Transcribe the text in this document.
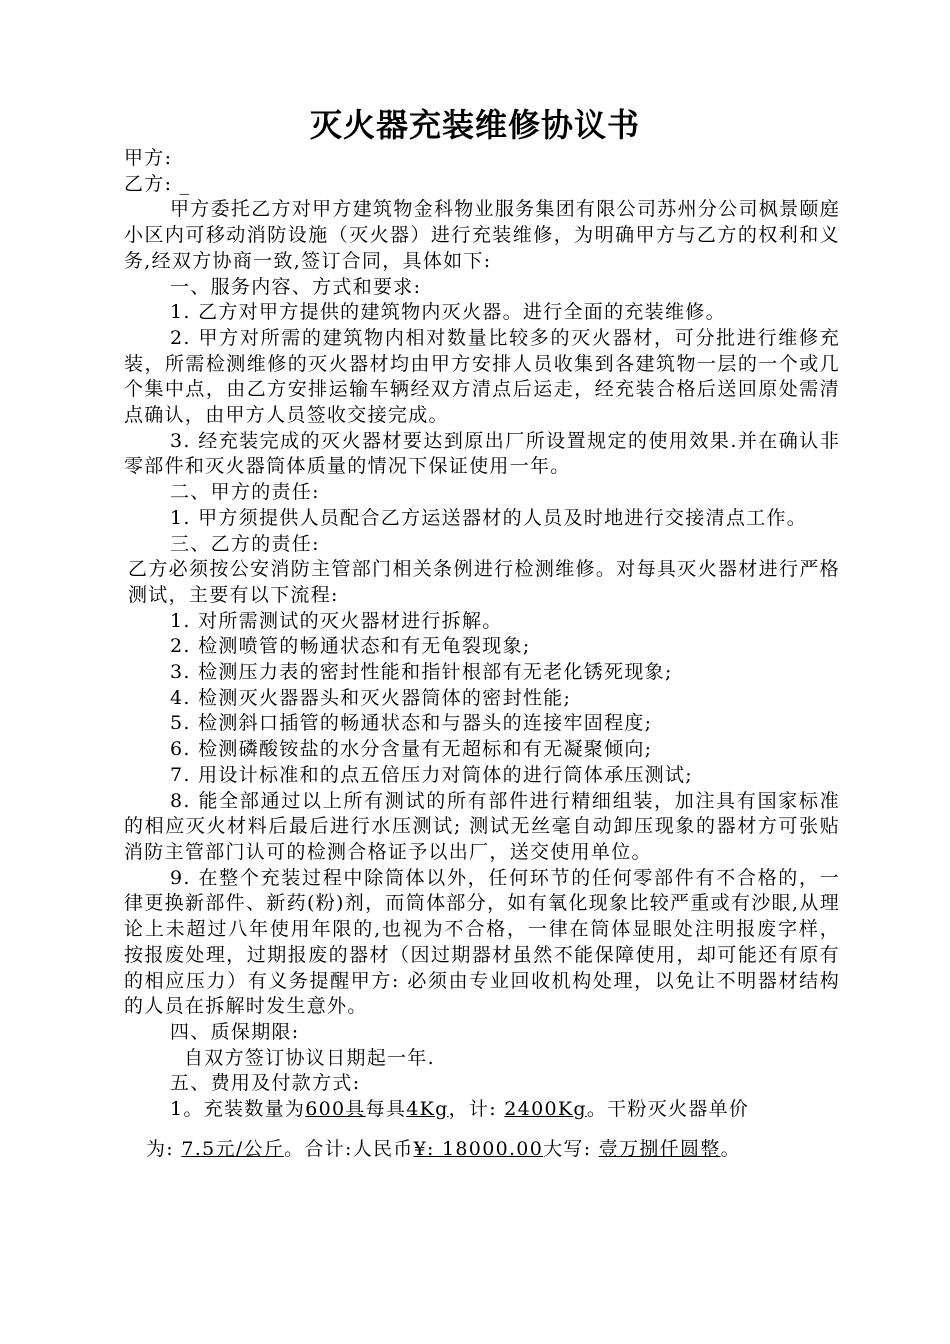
灭火器充装维修协议书

甲方:

乙方: _

甲方委托乙方对甲方建筑物金科物业服务集团有限公司苏州分公司枫景颐庭小区内可移动消防设施（灭火器）进行充装维修，为明确甲方与乙方的权利和义务,经双方协商一致,签订合同，具体如下:

一、服务内容、方式和要求:

1. 乙方对甲方提供的建筑物内灭火器。进行全面的充装维修。

2. 甲方对所需的建筑物内相对数量比较多的灭火器材，可分批进行维修充装，所需检测维修的灭火器材均由甲方安排人员收集到各建筑物一层的一个或几个集中点，由乙方安排运输车辆经双方清点后运走，经充装合格后送回原处需清点确认，由甲方人员签收交接完成。

3. 经充装完成的灭火器材要达到原出厂所设置规定的使用效果.并在确认非零部件和灭火器筒体质量的情况下保证使用一年。

二、甲方的责任:

1. 甲方须提供人员配合乙方运送器材的人员及时地进行交接清点工作。

三、乙方的责任:

乙方必须按公安消防主管部门相关条例进行检测维修。对每具灭火器材进行严格测试，主要有以下流程:

1. 对所需测试的灭火器材进行拆解。

2. 检测喷管的畅通状态和有无龟裂现象;

3. 检测压力表的密封性能和指针根部有无老化锈死现象;

4. 检测灭火器器头和灭火器筒体的密封性能;

5. 检测斜口插管的畅通状态和与器头的连接牢固程度;

6. 检测磷酸铵盐的水分含量有无超标和有无凝聚倾向;

7. 用设计标准和的点五倍压力对筒体的进行筒体承压测试;

8. 能全部通过以上所有测试的所有部件进行精细组装，加注具有国家标准的相应灭火材料后最后进行水压测试; 测试无丝毫自动卸压现象的器材方可张贴消防主管部门认可的检测合格证予以出厂，送交使用单位。

9. 在整个充装过程中除筒体以外，任何环节的任何零部件有不合格的，一律更换新部件、新药(粉)剂，而筒体部分，如有氧化现象比较严重或有沙眼,从理论上未超过八年使用年限的,也视为不合格，一律在筒体显眼处注明报废字样，按报废处理，过期报废的器材（因过期器材虽然不能保障使用，却可能还有原有的相应压力）有义务提醒甲方: 必须由专业回收机构处理，以免让不明器材结构的人员在拆解时发生意外。

四、质保期限:

自双方签订协议日期起一年.

五、费用及付款方式:

1。充装数量为600具每具4Kg，计: 2400Kg。干粉灭火器单价

为: 7.5元/公斤。合计:人民币¥: 18000.00大写: 壹万捌仟圆整。
